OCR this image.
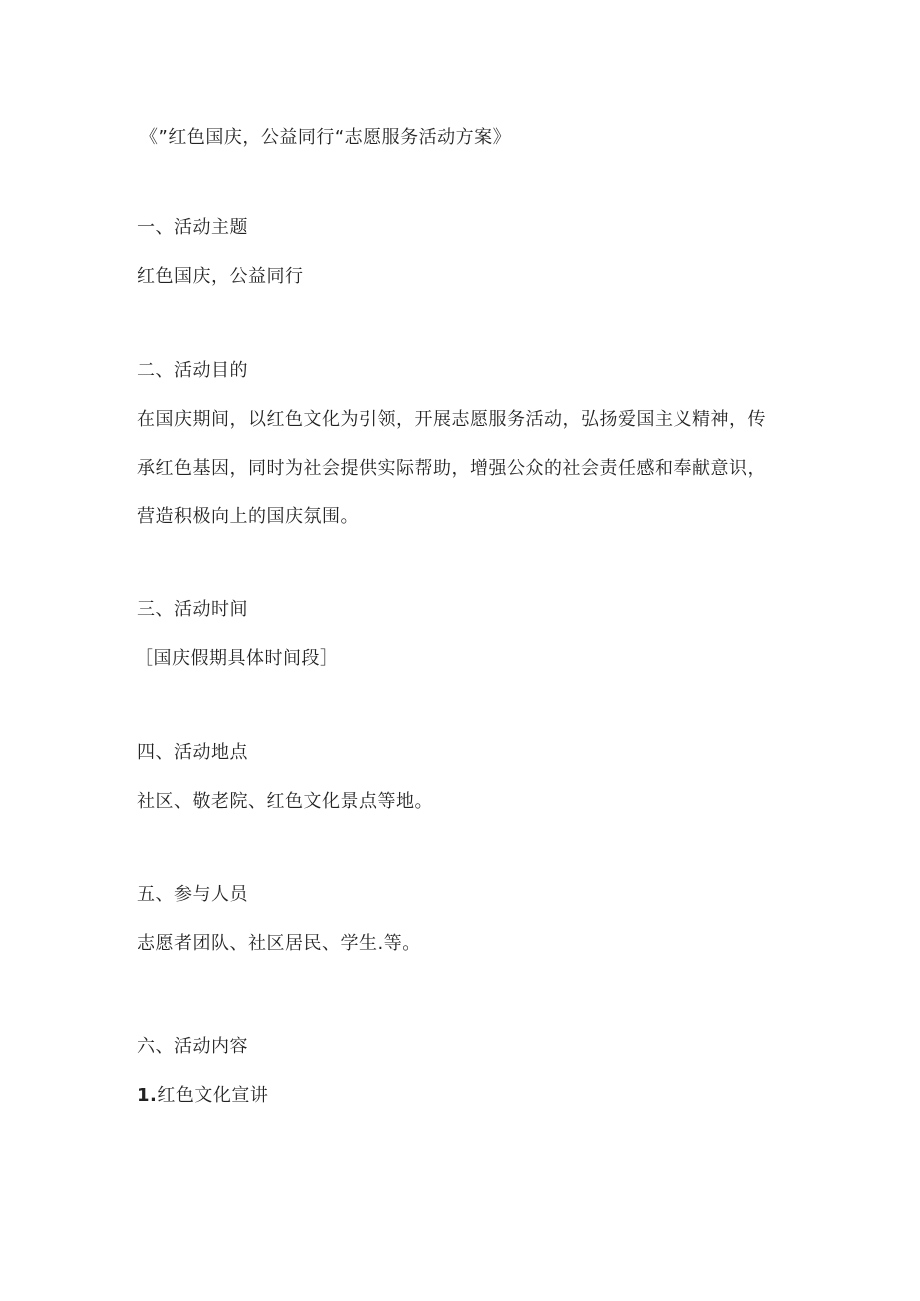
《”红色国庆，公益同行“志愿服务活动方案》
一、活动主题
红色国庆，公益同行
二、活动目的
在国庆期间，以红色文化为引领，开展志愿服务活动，弘扬爱国主义精神，传
承红色基因，同时为社会提供实际帮助，增强公众的社会责任感和奉献意识，
营造积极向上的国庆氛围。
三、活动时间
［国庆假期具体时间段］
四、活动地点
社区、敬老院、红色文化景点等地。
五、参与人员
志愿者团队、社区居民、学生.等。
六、活动内容
1.红色文化宣讲
